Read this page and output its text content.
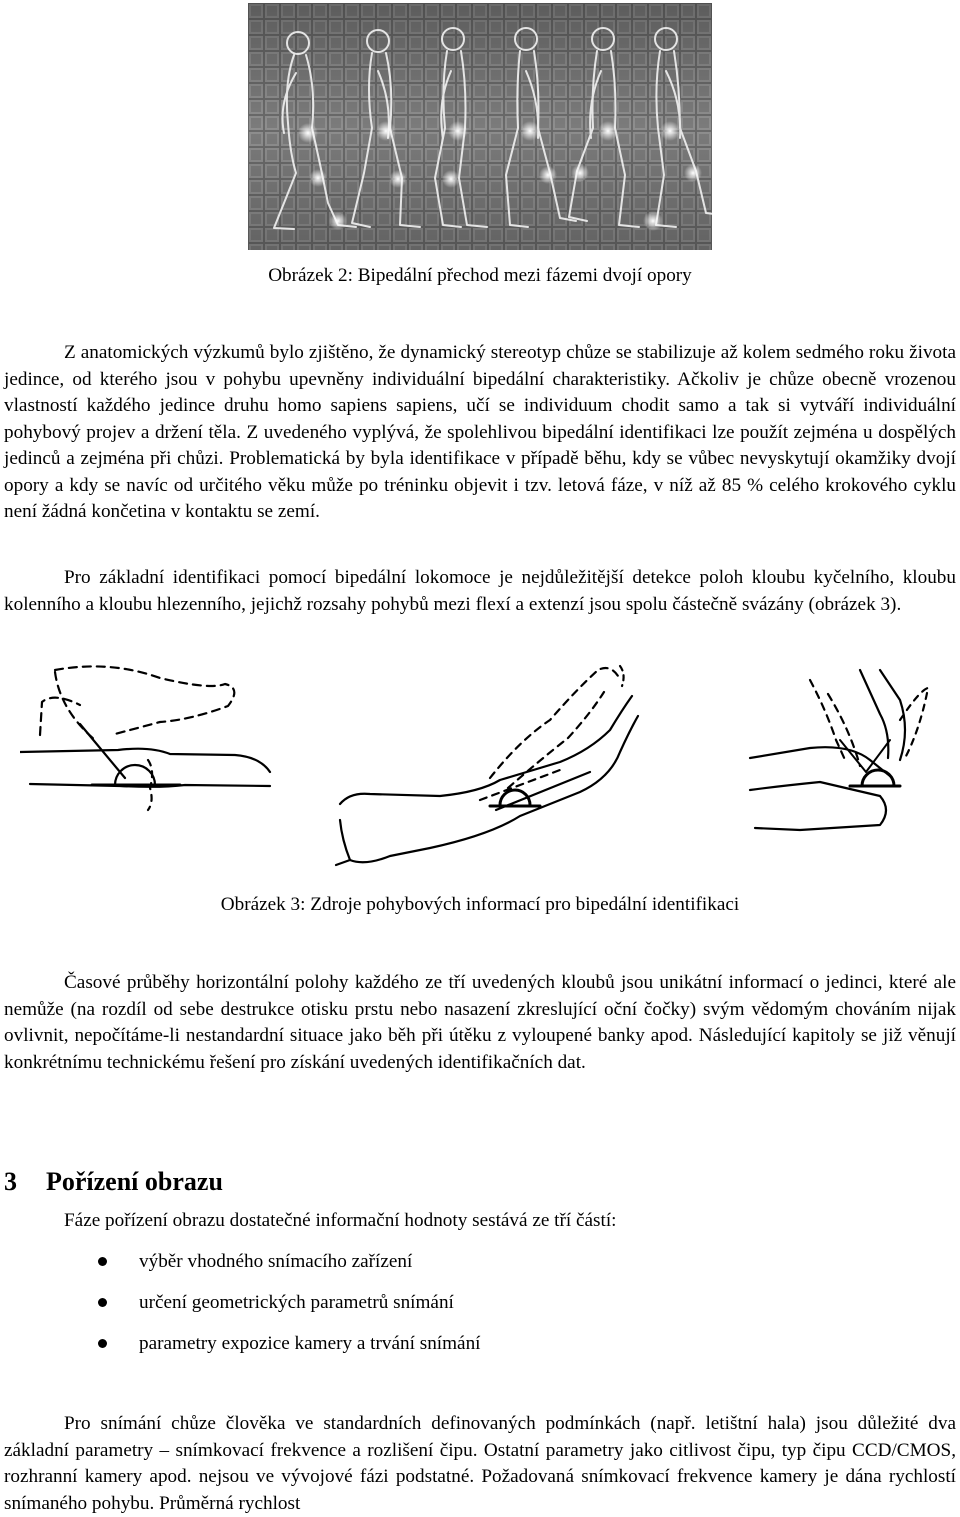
Obrázek 2: Bipedální přechod mezi fázemi dvojí opory

Z anatomických výzkumů bylo zjištěno, že dynamický stereotyp chůze se stabilizuje až kolem sedmého roku života jedince, od kterého jsou v pohybu upevněny individuální bipedální charakteristiky. Ačkoliv je chůze obecně vrozenou vlastností každého jedince druhu homo sapiens sapiens, učí se individuum chodit samo a tak si vytváří individuální pohybový projev a držení těla. Z uvedeného vyplývá, že spolehlivou bipedální identifikaci lze použít zejména u dospělých jedinců a zejména při chůzi. Problematická by byla identifikace v případě běhu, kdy se vůbec nevyskytují okamžiky dvojí opory a kdy se navíc od určitého věku může po tréninku objevit i tzv. letová fáze, v níž až 85 % celého krokového cyklu není žádná končetina v kontaktu se zemí.

Pro základní identifikaci pomocí bipedální lokomoce je nejdůležitější detekce poloh kloubu kyčelního, kloubu kolenního a kloubu hlezenního, jejichž rozsahy pohybů mezi flexí a extenzí jsou spolu částečně svázány (obrázek 3).

Obrázek 3: Zdroje pohybových informací pro bipedální identifikaci

Časové průběhy horizontální polohy každého ze tří uvedených kloubů jsou unikátní informací o jedinci, které ale nemůže (na rozdíl od sebe destrukce otisku prstu nebo nasazení zkreslující oční čočky) svým vědomým chováním nijak ovlivnit, nepočítáme-li nestandardní situace jako běh při útěku z vyloupené banky apod. Následující kapitoly se již věnují konkrétnímu technickému řešení pro získání uvedených identifikačních dat.

3 Pořízení obrazu

Fáze pořízení obrazu dostatečné informační hodnoty sestává ze tří částí:

výběr vhodného snímacího zařízení
určení geometrických parametrů snímání
parametry expozice kamery a trvání snímání

Pro snímání chůze člověka ve standardních definovaných podmínkách (např. letištní hala) jsou důležité dva základní parametry – snímkovací frekvence a rozlišení čipu. Ostatní parametry jako citlivost čipu, typ čipu CCD/CMOS, rozhranní kamery apod. nejsou ve vývojové fázi podstatné. Požadovaná snímkovací frekvence kamery je dána rychlostí snímaného pohybu. Průměrná rychlost
